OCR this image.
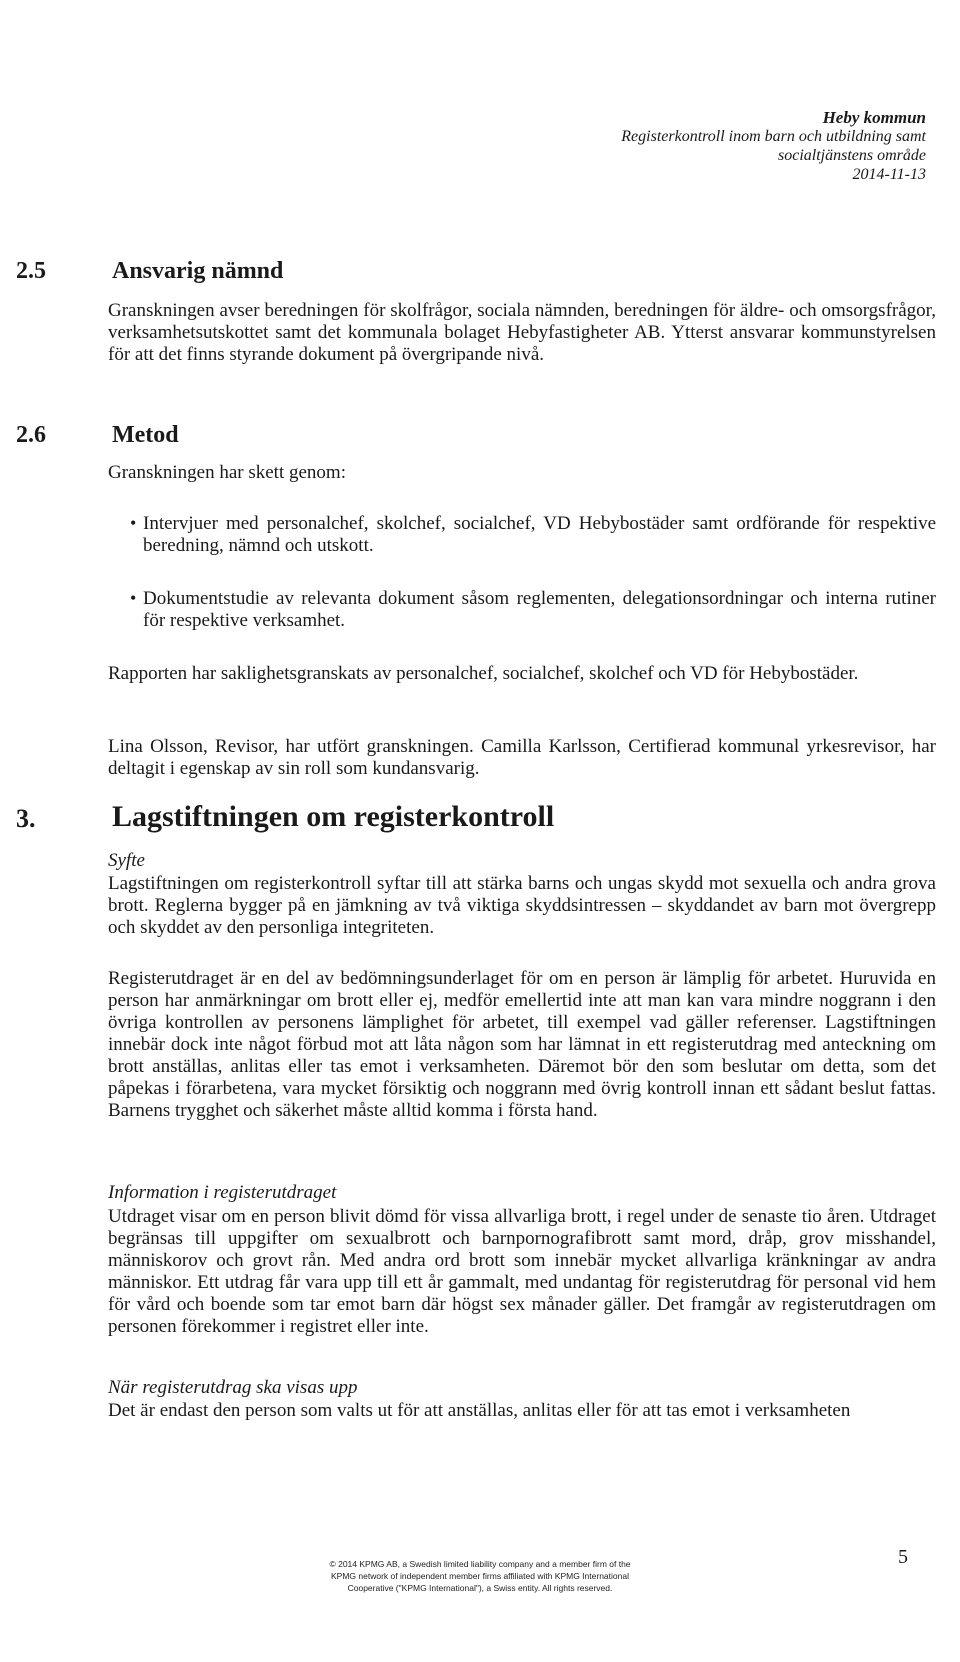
Heby kommun
Registerkontroll inom barn och utbildning samt
socialtjänstens område
2014-11-13
2.5	Ansvarig nämnd
Granskningen avser beredningen för skolfrågor, sociala nämnden, beredningen för äldre- och omsorgsfrågor, verksamhetsutskottet samt det kommunala bolaget Hebyfastigheter AB. Ytterst ansvarar kommunstyrelsen för att det finns styrande dokument på övergripande nivå.
2.6	Metod
Granskningen har skett genom:
• Intervjuer med personalchef, skolchef, socialchef, VD Hebybostäder samt ordförande för respektive beredning, nämnd och utskott.
• Dokumentstudie av relevanta dokument såsom reglementen, delegationsordningar och interna rutiner för respektive verksamhet.
Rapporten har saklighetsgranskats av personalchef, socialchef, skolchef och VD för Hebybostäder.
Lina Olsson, Revisor, har utfört granskningen. Camilla Karlsson, Certifierad kommunal yrkesrevisor, har deltagit i egenskap av sin roll som kundansvarig.
3.	Lagstiftningen om registerkontroll
Syfte
Lagstiftningen om registerkontroll syftar till att stärka barns och ungas skydd mot sexuella och andra grova brott. Reglerna bygger på en jämkning av två viktiga skyddsintressen – skyddandet av barn mot övergrepp och skyddet av den personliga integriteten.
Registerutdraget är en del av bedömningsunderlaget för om en person är lämplig för arbetet. Huruvida en person har anmärkningar om brott eller ej, medför emellertid inte att man kan vara mindre noggrann i den övriga kontrollen av personens lämplighet för arbetet, till exempel vad gäller referenser. Lagstiftningen innebär dock inte något förbud mot att låta någon som har lämnat in ett registerutdrag med anteckning om brott anställas, anlitas eller tas emot i verksamheten. Däremot bör den som beslutar om detta, som det påpekas i förarbetena, vara mycket försiktig och noggrann med övrig kontroll innan ett sådant beslut fattas. Barnens trygghet och säkerhet måste alltid komma i första hand.
Information i registerutdraget
Utdraget visar om en person blivit dömd för vissa allvarliga brott, i regel under de senaste tio åren. Utdraget begränsas till uppgifter om sexualbrott och barnpornografibrott samt mord, dråp, grov misshandel, människorov och grovt rån. Med andra ord brott som innebär mycket allvarliga kränkningar av andra människor. Ett utdrag får vara upp till ett år gammalt, med undantag för registerutdrag för personal vid hem för vård och boende som tar emot barn där högst sex månader gäller. Det framgår av registerutdragen om personen förekommer i registret eller inte.
När registerutdrag ska visas upp
Det är endast den person som valts ut för att anställas, anlitas eller för att tas emot i verksamheten
© 2014 KPMG AB, a Swedish limited liability company and a member firm of the
KPMG network of independent member firms affiliated with KPMG International
Cooperative ("KPMG International"), a Swiss entity. All rights reserved.
5
